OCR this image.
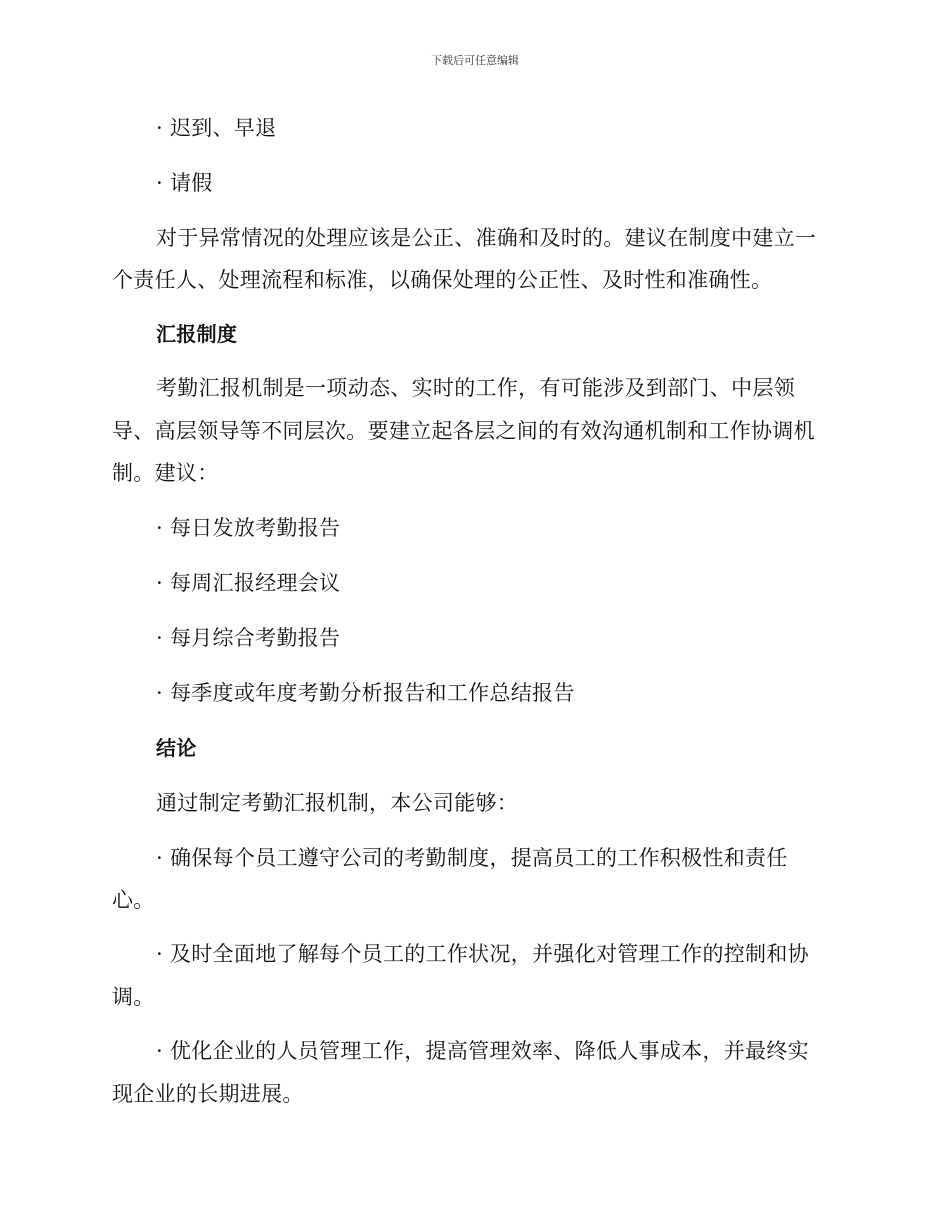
下载后可任意编辑
· 迟到、早退
· 请假
对于异常情况的处理应该是公正、准确和及时的。建议在制度中建立一
个责任人、处理流程和标准，以确保处理的公正性、及时性和准确性。
汇报制度
考勤汇报机制是一项动态、实时的工作，有可能涉及到部门、中层领
导、高层领导等不同层次。要建立起各层之间的有效沟通机制和工作协调机
制。建议：
· 每日发放考勤报告
· 每周汇报经理会议
· 每月综合考勤报告
· 每季度或年度考勤分析报告和工作总结报告
结论
通过制定考勤汇报机制，本公司能够：
· 确保每个员工遵守公司的考勤制度，提高员工的工作积极性和责任
心。
· 及时全面地了解每个员工的工作状况，并强化对管理工作的控制和协
调。
· 优化企业的人员管理工作，提高管理效率、降低人事成本，并最终实
现企业的长期进展。
